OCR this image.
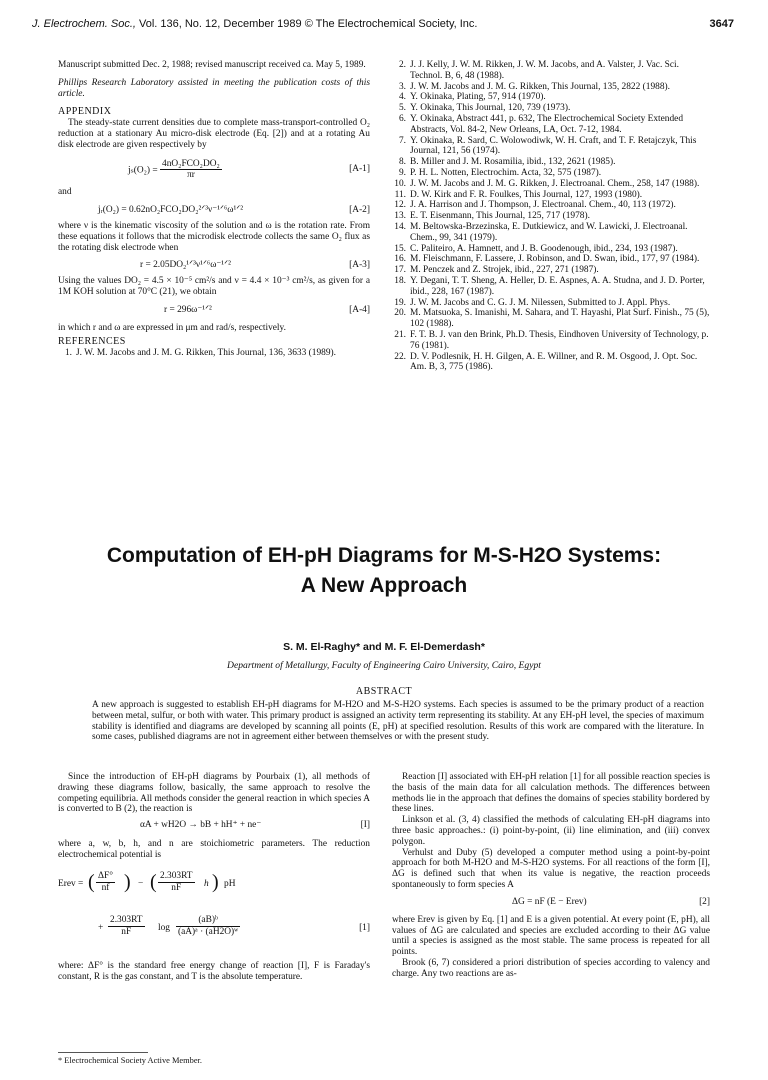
J. Electrochem. Soc., Vol. 136, No. 12, December 1989 © The Electrochemical Society, Inc.	3647

Manuscript submitted Dec. 2, 1988; revised manuscript received ca. May 5, 1989.

Phillips Research Laboratory assisted in meeting the publication costs of this article.

APPENDIX

The steady-state current densities due to complete mass-transport-controlled O₂ reduction at a stationary Au micro-disk electrode (Eq. [2]) and at a rotating Au disk electrode are given respectively by

$j_s(O_2) = \frac{\text{4nO₂FCO₂DO₂}}{\pi r}$	[A-1]

and

jᵣ(O₂) = 0.62nO₂FCO₂DO₂²ᐟ³ν⁻¹ᐟ⁶ω¹ᐟ²	[A-2]

where ν is the kinematic viscosity of the solution and ω is the rotation rate. From these equations it follows that the microdisk electrode collects the same O₂ flux as the rotating disk electrode when

r = 2.05DO₂¹ᐟ³ν¹ᐟ⁶ω⁻¹ᐟ²	[A-3]

Using the values DO₂ = 4.5 × 10⁻⁵ cm²/s and ν = 4.4 × 10⁻³ cm²/s, as given for a 1M KOH solution at 70°C (21), we obtain

r = 296ω⁻¹ᐟ²	[A-4]

in which r and ω are expressed in μm and rad/s, respectively.

REFERENCES

1. J. W. M. Jacobs and J. M. G. Rikken, This Journal, 136, 3633 (1989).
2. J. J. Kelly, J. W. M. Rikken, J. W. M. Jacobs, and A. Valster, J. Vac. Sci. Technol. B, 6, 48 (1988).
3. J. W. M. Jacobs and J. M. G. Rikken, This Journal, 135, 2822 (1988).
4. Y. Okinaka, Plating, 57, 914 (1970).
5. Y. Okinaka, This Journal, 120, 739 (1973).
6. Y. Okinaka, Abstract 441, p. 632, The Electrochemical Society Extended Abstracts, Vol. 84-2, New Orleans, LA, Oct. 7-12, 1984.
7. Y. Okinaka, R. Sard, C. Wolowodiwk, W. H. Craft, and T. F. Retajczyk, This Journal, 121, 56 (1974).
8. B. Miller and J. M. Rosamilia, ibid., 132, 2621 (1985).
9. P. H. L. Notten, Electrochim. Acta, 32, 575 (1987).
10. J. W. M. Jacobs and J. M. G. Rikken, J. Electroanal. Chem., 258, 147 (1988).
11. D. W. Kirk and F. R. Foulkes, This Journal, 127, 1993 (1980).
12. J. A. Harrison and J. Thompson, J. Electroanal. Chem., 40, 113 (1972).
13. E. T. Eisenmann, This Journal, 125, 717 (1978).
14. M. Beltowska-Brzezinska, E. Dutkiewicz, and W. Lawicki, J. Electroanal. Chem., 99, 341 (1979).
15. C. Paliteiro, A. Hamnett, and J. B. Goodenough, ibid., 234, 193 (1987).
16. M. Fleischmann, F. Lassere, J. Robinson, and D. Swan, ibid., 177, 97 (1984).
17. M. Penczek and Z. Strojek, ibid., 227, 271 (1987).
18. Y. Degani, T. T. Sheng, A. Heller, D. E. Aspnes, A. A. Studna, and J. D. Porter, ibid., 228, 167 (1987).
19. J. W. M. Jacobs and C. G. J. M. Nilessen, Submitted to J. Appl. Phys.
20. M. Matsuoka, S. Imanishi, M. Sahara, and T. Hayashi, Plat Surf. Finish., 75 (5), 102 (1988).
21. F. T. B. J. van den Brink, Ph.D. Thesis, Eindhoven University of Technology, p. 76 (1981).
22. D. V. Podlesnik, H. H. Gilgen, A. E. Willner, and R. M. Osgood, J. Opt. Soc. Am. B, 3, 775 (1986).
Computation of EH-pH Diagrams for M-S-H2O Systems:
A New Approach
S. M. El-Raghy* and M. F. El-Demerdash*
Department of Metallurgy, Faculty of Engineering Cairo University, Cairo, Egypt
ABSTRACT
A new approach is suggested to establish EH-pH diagrams for M-H2O and M-S-H2O systems. Each species is assumed to be the primary product of a reaction between metal, sulfur, or both with water. This primary product is assigned an activity term representing its stability. At any EH-pH level, the species of maximum stability is identified and diagrams are developed by scanning all points (E, pH) at specified resolution. Results of this work are compared with the literature. In some cases, published diagrams are not in agreement either between themselves or with the present study.

Since the introduction of EH-pH diagrams by Pourbaix (1), all methods of drawing these diagrams follow, basically, the same approach to resolve the competing equilibria. All methods consider the general reaction in which species A is converted to B (2), the reaction is

αA + wH2O → bB + hH⁺ + ne⁻	[I]

where a, w, b, h, and n are stoichiometric parameters. The reduction electrochemical potential is

Erev = ( $\frac{\Delta F^\circ}{nf}$ ) − ( $\frac{2.303RT}{nF}$ h ) pH
+ $\frac{2.303RT}{nF}$ $\log \frac{\text{(aB)ᵇ}}{\text{(aA)ᵃ · (aH2O)ʷ}}$	[1]

where: ΔF° is the standard free energy change of reaction [I], F is Faraday's constant, R is the gas constant, and T is the absolute temperature.

* Electrochemical Society Active Member.

Reaction [I] associated with EH-pH relation [1] for all possible reaction species is the basis of the main data for all calculation methods. The differences between methods lie in the approach that defines the domains of species stability bordered by these lines.

Linkson et al. (3, 4) classified the methods of calculating EH-pH diagrams into three basic approaches.: (i) point-by-point, (ii) line elimination, and (iii) convex polygon.

Verhulst and Duby (5) developed a computer method using a point-by-point approach for both M-H2O and M-S-H2O systems. For all reactions of the form [I], ΔG is defined such that when its value is negative, the reaction proceeds spontaneously to form species A

ΔG = nF (E − Erev)	[2]

where Erev is given by Eq. [1] and E is a given potential. At every point (E, pH), all values of ΔG are calculated and species are excluded according to their ΔG value until a species is assigned as the most stable. The same process is repeated for all points.

Brook (6, 7) considered a priori distribution of species according to valency and charge. Any two reactions are as-
